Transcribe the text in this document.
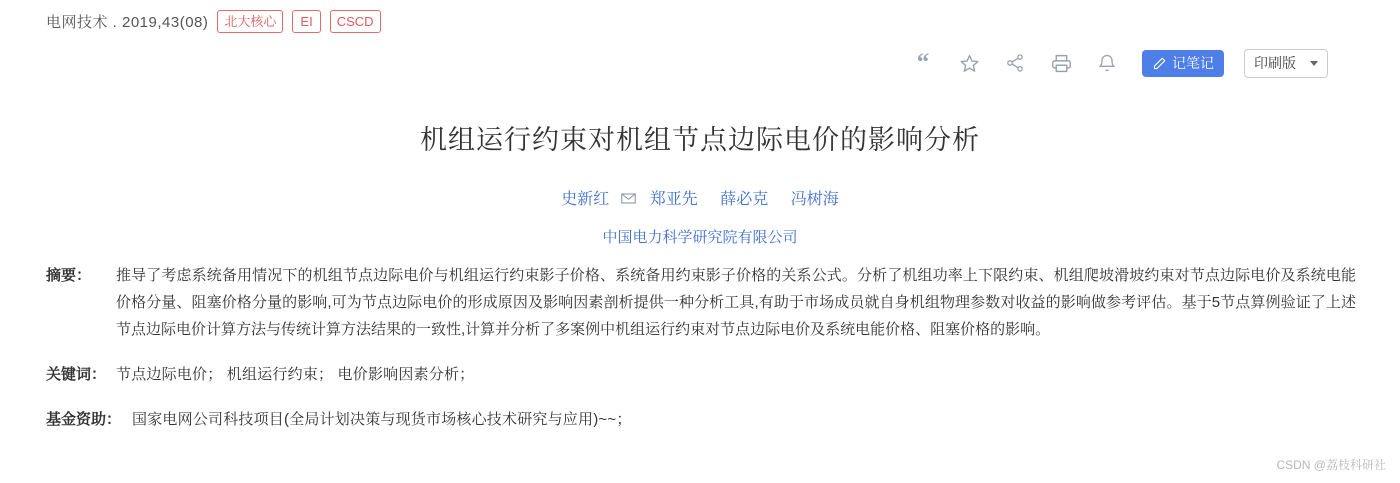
电网技术 . 2019,43(08)	北大核心	EI	CSCD
“	记笔记	印刷版
机组运行约束对机组节点边际电价的影响分析
史新红	郑亚先 薛必克 冯树海
中国电力科学研究院有限公司
摘要：	推导了考虑系统备用情况下的机组节点边际电价与机组运行约束影子价格、系统备用约束影子价格的关系公式。分析了机组功率上下限约束、机组爬坡滑坡约束对节点边际电价及系统电能价格分量、阻塞价格分量的影响,可为节点边际电价的形成原因及影响因素剖析提供一种分析工具,有助于市场成员就自身机组物理参数对收益的影响做参考评估。基于5节点算例验证了上述节点边际电价计算方法与传统计算方法结果的一致性,计算并分析了多案例中机组运行约束对节点边际电价及系统电能价格、阻塞价格的影响。
关键词： 节点边际电价； 机组运行约束； 电价影响因素分析；
基金资助： 国家电网公司科技项目(全局计划决策与现货市场核心技术研究与应用)~~；
CSDN @荔枝科研社
